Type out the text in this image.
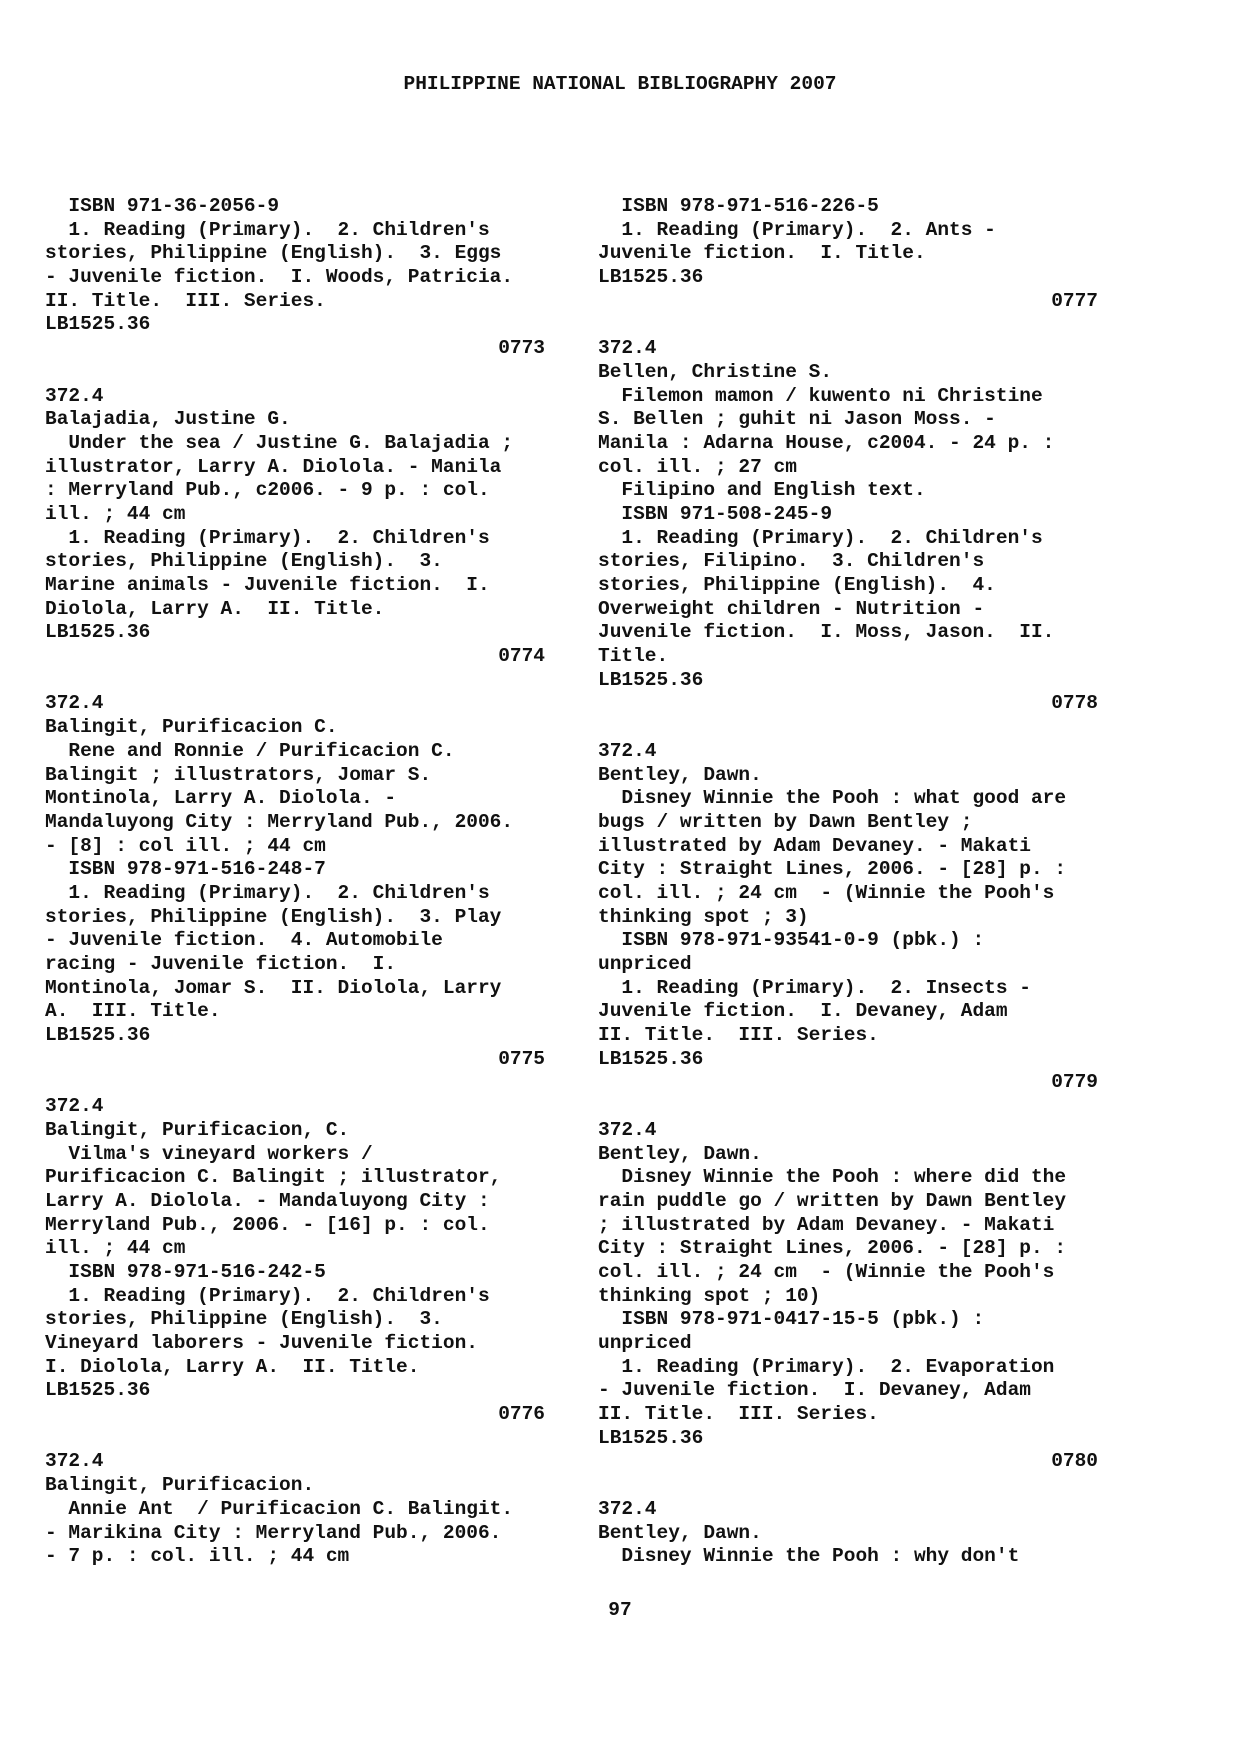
PHILIPPINE NATIONAL BIBLIOGRAPHY 2007
ISBN 971-36-2056-9
1. Reading (Primary).  2. Children's
stories, Philippine (English).  3. Eggs
- Juvenile fiction.  I. Woods, Patricia.
II. Title.  III. Series.
LB1525.36
0773
372.4
Balajadia, Justine G.
Under the sea / Justine G. Balajadia ;
illustrator, Larry A. Diolola. - Manila
: Merryland Pub., c2006. - 9 p. : col.
ill. ; 44 cm
1. Reading (Primary).  2. Children's
stories, Philippine (English).  3.
Marine animals - Juvenile fiction.  I.
Diolola, Larry A.  II. Title.
LB1525.36
0774
372.4
Balingit, Purificacion C.
Rene and Ronnie / Purificacion C.
Balingit ; illustrators, Jomar S.
Montinola, Larry A. Diolola. -
Mandaluyong City : Merryland Pub., 2006.
- [8] : col ill. ; 44 cm
ISBN 978-971-516-248-7
1. Reading (Primary).  2. Children's
stories, Philippine (English).  3. Play
- Juvenile fiction.  4. Automobile
racing - Juvenile fiction.  I.
Montinola, Jomar S.  II. Diolola, Larry
A.  III. Title.
LB1525.36
0775
372.4
Balingit, Purificacion, C.
Vilma's vineyard workers /
Purificacion C. Balingit ; illustrator,
Larry A. Diolola. - Mandaluyong City :
Merryland Pub., 2006. - [16] p. : col.
ill. ; 44 cm
ISBN 978-971-516-242-5
1. Reading (Primary).  2. Children's
stories, Philippine (English).  3.
Vineyard laborers - Juvenile fiction.
I. Diolola, Larry A.  II. Title.
LB1525.36
0776
372.4
Balingit, Purificacion.
Annie Ant  / Purificacion C. Balingit.
- Marikina City : Merryland Pub., 2006.
- 7 p. : col. ill. ; 44 cm
ISBN 978-971-516-226-5
1. Reading (Primary).  2. Ants -
Juvenile fiction.  I. Title.
LB1525.36
0777
372.4
Bellen, Christine S.
Filemon mamon / kuwento ni Christine
S. Bellen ; guhit ni Jason Moss. -
Manila : Adarna House, c2004. - 24 p. :
col. ill. ; 27 cm
Filipino and English text.
ISBN 971-508-245-9
1. Reading (Primary).  2. Children's
stories, Filipino.  3. Children's
stories, Philippine (English).  4.
Overweight children - Nutrition -
Juvenile fiction.  I. Moss, Jason.  II.
Title.
LB1525.36
0778
372.4
Bentley, Dawn.
Disney Winnie the Pooh : what good are
bugs / written by Dawn Bentley ;
illustrated by Adam Devaney. - Makati
City : Straight Lines, 2006. - [28] p. :
col. ill. ; 24 cm  - (Winnie the Pooh's
thinking spot ; 3)
ISBN 978-971-93541-0-9 (pbk.) :
unpriced
1. Reading (Primary).  2. Insects -
Juvenile fiction.  I. Devaney, Adam
II. Title.  III. Series.
LB1525.36
0779
372.4
Bentley, Dawn.
Disney Winnie the Pooh : where did the
rain puddle go / written by Dawn Bentley
; illustrated by Adam Devaney. - Makati
City : Straight Lines, 2006. - [28] p. :
col. ill. ; 24 cm  - (Winnie the Pooh's
thinking spot ; 10)
ISBN 978-971-0417-15-5 (pbk.) :
unpriced
1. Reading (Primary).  2. Evaporation
- Juvenile fiction.  I. Devaney, Adam
II. Title.  III. Series.
LB1525.36
0780
372.4
Bentley, Dawn.
Disney Winnie the Pooh : why don't
97
